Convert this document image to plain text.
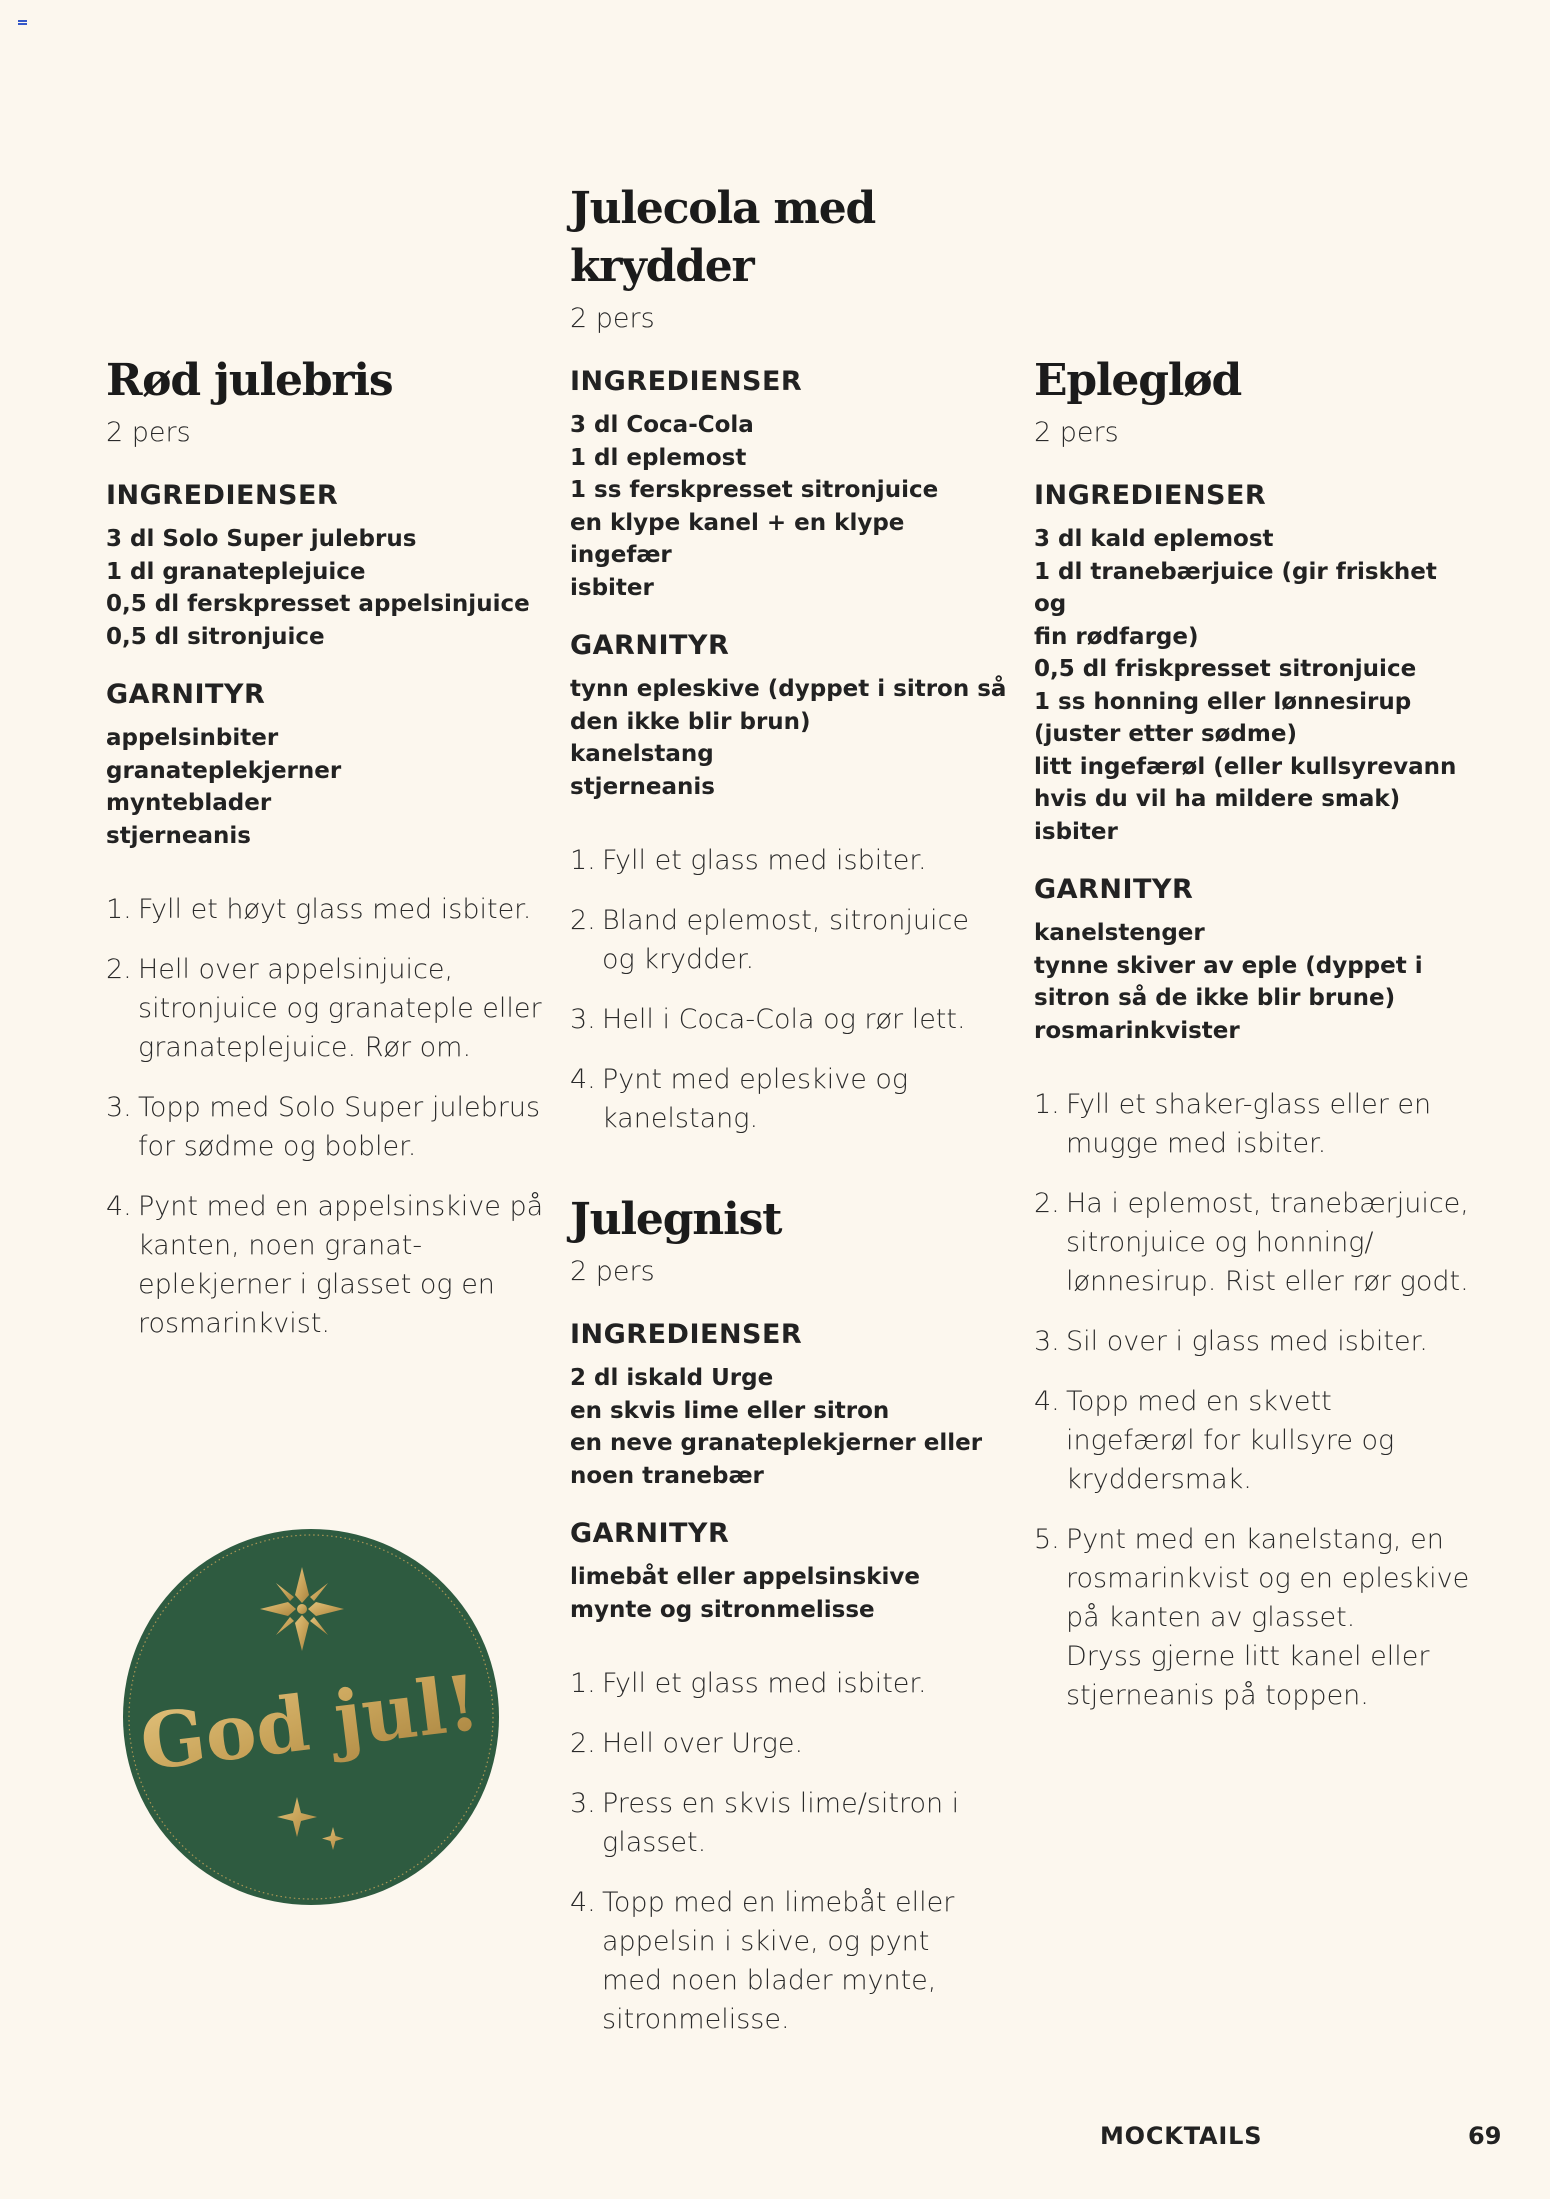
Rød julebris

2 pers

INGREDIENSER
3 dl Solo Super julebrus
1 dl granateplejuice
0,5 dl ferskpresset appelsinjuice
0,5 dl sitronjuice
GARNITYR
appelsinbiter
granateplekjerner
mynteblader
stjerneanis
1. Fyll et høyt glass med isbiter.
2. Hell over appelsinjuice,
sitronjuice og granateple eller
granateplejuice. Rør om.
3. Topp med Solo Super julebrus
for sødme og bobler.
4. Pynt med en appelsinskive på
kanten, noen granat-
eplekjerner i glasset og en
rosmarinkvist.
Julecola med
krydder

2 pers

INGREDIENSER
3 dl Coca-Cola
1 dl eplemost
1 ss ferskpresset sitronjuice
en klype kanel + en klype ingefær
isbiter
GARNITYR
tynn epleskive (dyppet i sitron så
den ikke blir brun)
kanelstang
stjerneanis
1. Fyll et glass med isbiter.
2. Bland eplemost, sitronjuice
og krydder.
3. Hell i Coca-Cola og rør lett.
4. Pynt med epleskive og
kanelstang.
Julegnist

2 pers

INGREDIENSER
2 dl iskald Urge
en skvis lime eller sitron
en neve granateplekjerner eller
noen tranebær
GARNITYR
limebåt eller appelsinskive
mynte og sitronmelisse
1. Fyll et glass med isbiter.
2. Hell over Urge.
3. Press en skvis lime/sitron i
glasset.
4. Topp med en limebåt eller
appelsin i skive, og pynt
med noen blader mynte,
sitronmelisse.
Epleglød

2 pers

INGREDIENSER
3 dl kald eplemost
1 dl tranebærjuice (gir friskhet og
fin rødfarge)
0,5 dl friskpresset sitronjuice
1 ss honning eller lønnesirup
(juster etter sødme)
litt ingefærøl (eller kullsyrevann
hvis du vil ha mildere smak)
isbiter
GARNITYR
kanelstenger
tynne skiver av eple (dyppet i
sitron så de ikke blir brune)
rosmarinkvister
1. Fyll et shaker-glass eller en
mugge med isbiter.
2. Ha i eplemost, tranebærjuice,
sitronjuice og honning/
lønnesirup. Rist eller rør godt.
3. Sil over i glass med isbiter.
4. Topp med en skvett
ingefærøl for kullsyre og
kryddersmak.
5. Pynt med en kanelstang, en
rosmarinkvist og en epleskive
på kanten av glasset.
Dryss gjerne litt kanel eller
stjerneanis på toppen.
God jul!
MOCKTAILS	69
